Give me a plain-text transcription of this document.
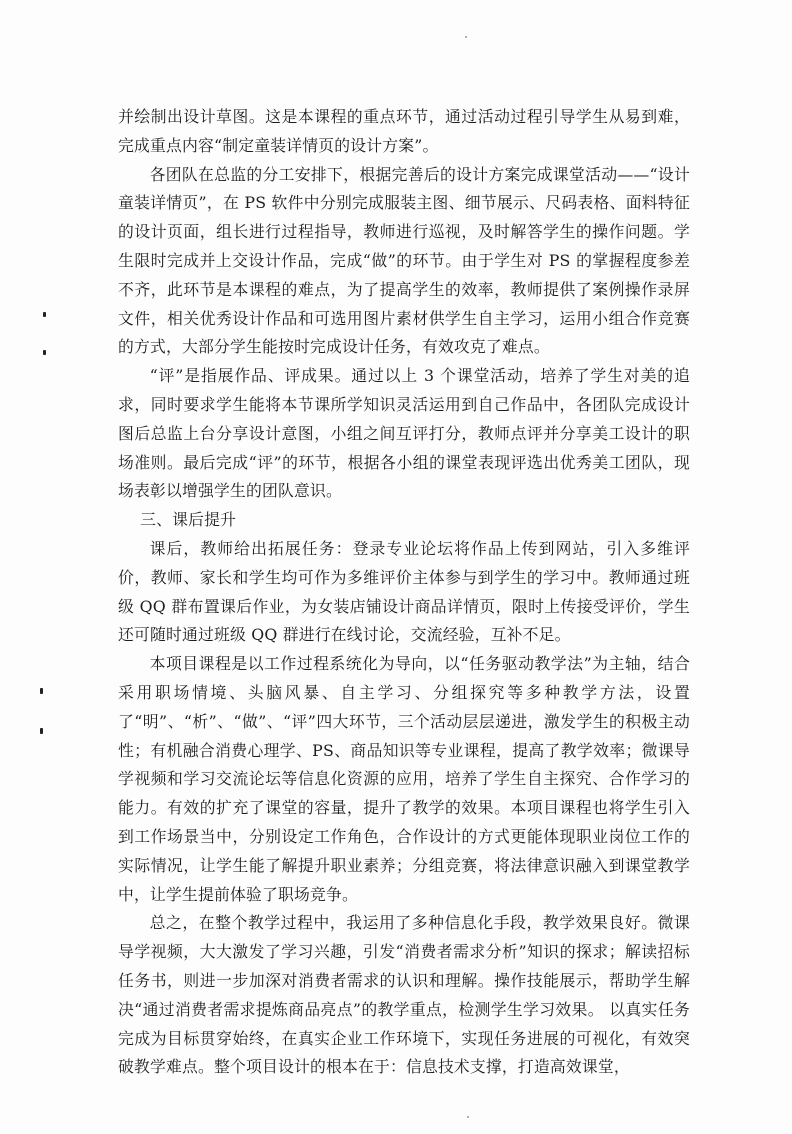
并绘制出设计草图。这是本课程的重点环节，通过活动过程引导学生从易到难，完成重点内容“制定童装详情页的设计方案”。

各团队在总监的分工安排下，根据完善后的设计方案完成课堂活动——“设计童装详情页”，在 PS 软件中分别完成服装主图、细节展示、尺码表格、面料特征的设计页面，组长进行过程指导，教师进行巡视，及时解答学生的操作问题。学生限时完成并上交设计作品，完成“做”的环节。由于学生对 PS 的掌握程度参差不齐，此环节是本课程的难点，为了提高学生的效率，教师提供了案例操作录屏文件，相关优秀设计作品和可选用图片素材供学生自主学习，运用小组合作竞赛的方式，大部分学生能按时完成设计任务，有效攻克了难点。

“评”是指展作品、评成果。通过以上 3 个课堂活动，培养了学生对美的追求，同时要求学生能将本节课所学知识灵活运用到自己作品中，各团队完成设计图后总监上台分享设计意图，小组之间互评打分，教师点评并分享美工设计的职场准则。最后完成“评”的环节，根据各小组的课堂表现评选出优秀美工团队，现场表彰以增强学生的团队意识。

三、课后提升

课后，教师给出拓展任务：登录专业论坛将作品上传到网站，引入多维评价，教师、家长和学生均可作为多维评价主体参与到学生的学习中。教师通过班级 QQ 群布置课后作业，为女装店铺设计商品详情页，限时上传接受评价，学生还可随时通过班级 QQ 群进行在线讨论，交流经验，互补不足。

本项目课程是以工作过程系统化为导向，以“任务驱动教学法”为主轴，结合采用职场情境、头脑风暴、自主学习、分组探究等多种教学方法，设置了“明”、“析”、“做”、“评”四大环节，三个活动层层递进，激发学生的积极主动性；有机融合消费心理学、PS、商品知识等专业课程，提高了教学效率；微课导学视频和学习交流论坛等信息化资源的应用，培养了学生自主探究、合作学习的能力。有效的扩充了课堂的容量，提升了教学的效果。本项目课程也将学生引入到工作场景当中，分别设定工作角色，合作设计的方式更能体现职业岗位工作的实际情况，让学生能了解提升职业素养；分组竞赛，将法律意识融入到课堂教学中，让学生提前体验了职场竞争。

总之，在整个教学过程中，我运用了多种信息化手段，教学效果良好。微课导学视频，大大激发了学习兴趣，引发“消费者需求分析”知识的探求；解读招标任务书，则进一步加深对消费者需求的认识和理解。操作技能展示，帮助学生解决“通过消费者需求提炼商品亮点”的教学重点，检测学生学习效果。 以真实任务完成为目标贯穿始终，在真实企业工作环境下，实现任务进展的可视化，有效突破教学难点。整个项目设计的根本在于：信息技术支撑，打造高效课堂，
